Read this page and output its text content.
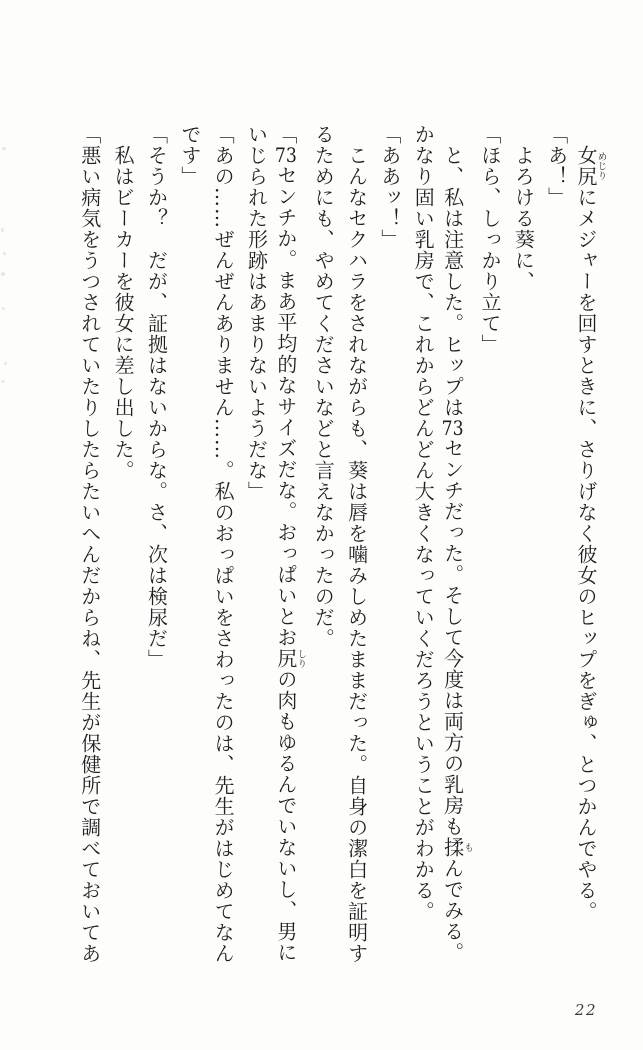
女尻めじりにメジャーを回すときに、さりげなく彼女のヒップをぎゅ、とつかんでやる。
「あ！」
よろける葵に、
「ほら、しっかり立て」
と、私は注意した。ヒップは73センチだった。そして今度は両方の乳房も揉もんでみる。
かなり固い乳房で、これからどんどん大きくなっていくだろうということがわかる。
「ああッ！」
こんなセクハラをされながらも、葵は唇を噛みしめたままだった。自身の潔白を証明す
るためにも、やめてくださいなどと言えなかったのだ。
「73センチか。まあ平均的なサイズだな。おっぱいとお尻しりの肉もゆるんでいないし、男に
いじられた形跡はあまりないようだな」
「あの……ぜんぜんありません……。私のおっぱいをさわったのは、先生がはじめてなん
です」
「そうか？　だが、証拠はないからな。さ、次は検尿だ」
私はビーカーを彼女に差し出した。
「悪い病気をうつされていたりしたらたいへんだからね、先生が保健所で調べておいてあ
22
